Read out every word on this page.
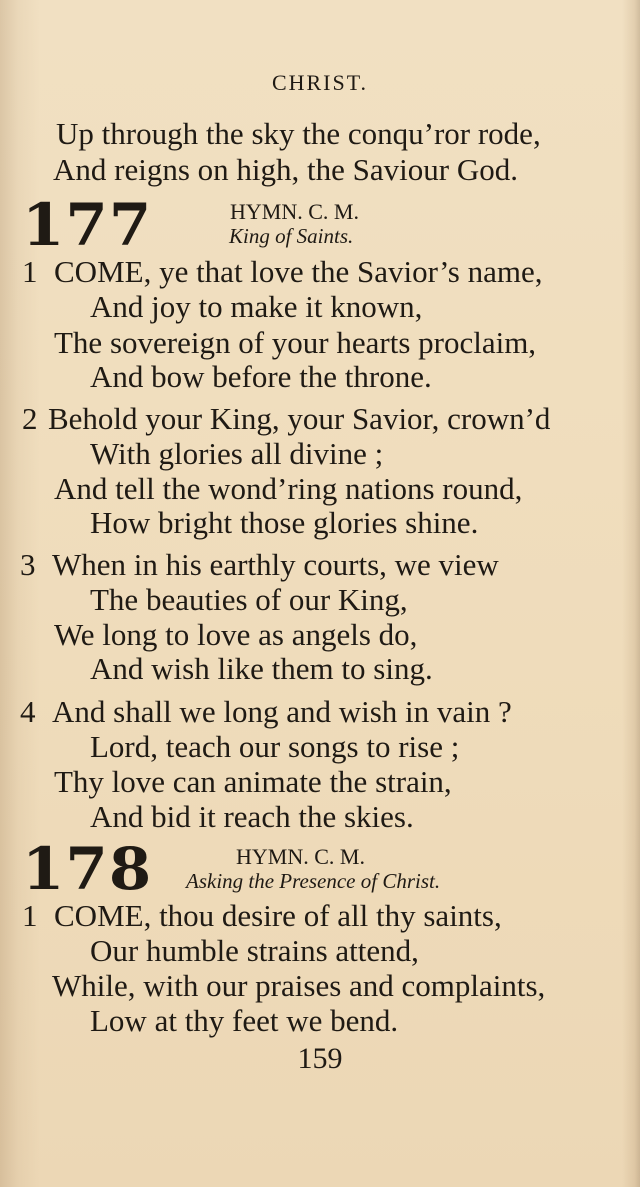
CHRIST.
Up through the sky the conqu’ror rode,
And reigns on high, the Saviour God.
177	HYMN. C. M.
King of Saints.
1 COME, ye that love the Savior’s name,
And joy to make it known,
The sovereign of your hearts proclaim,
And bow before the throne.
2 Behold your King, your Savior, crown’d
With glories all divine ;
And tell the wond’ring nations round,
How bright those glories shine.
3 When in his earthly courts, we view
The beauties of our King,
We long to love as angels do,
And wish like them to sing.
4 And shall we long and wish in vain ?
Lord, teach our songs to rise ;
Thy love can animate the strain,
And bid it reach the skies.
178	HYMN. C. M.
Asking the Presence of Christ.
1 COME, thou desire of all thy saints,
Our humble strains attend,
While, with our praises and complaints,
Low at thy feet we bend.
159
